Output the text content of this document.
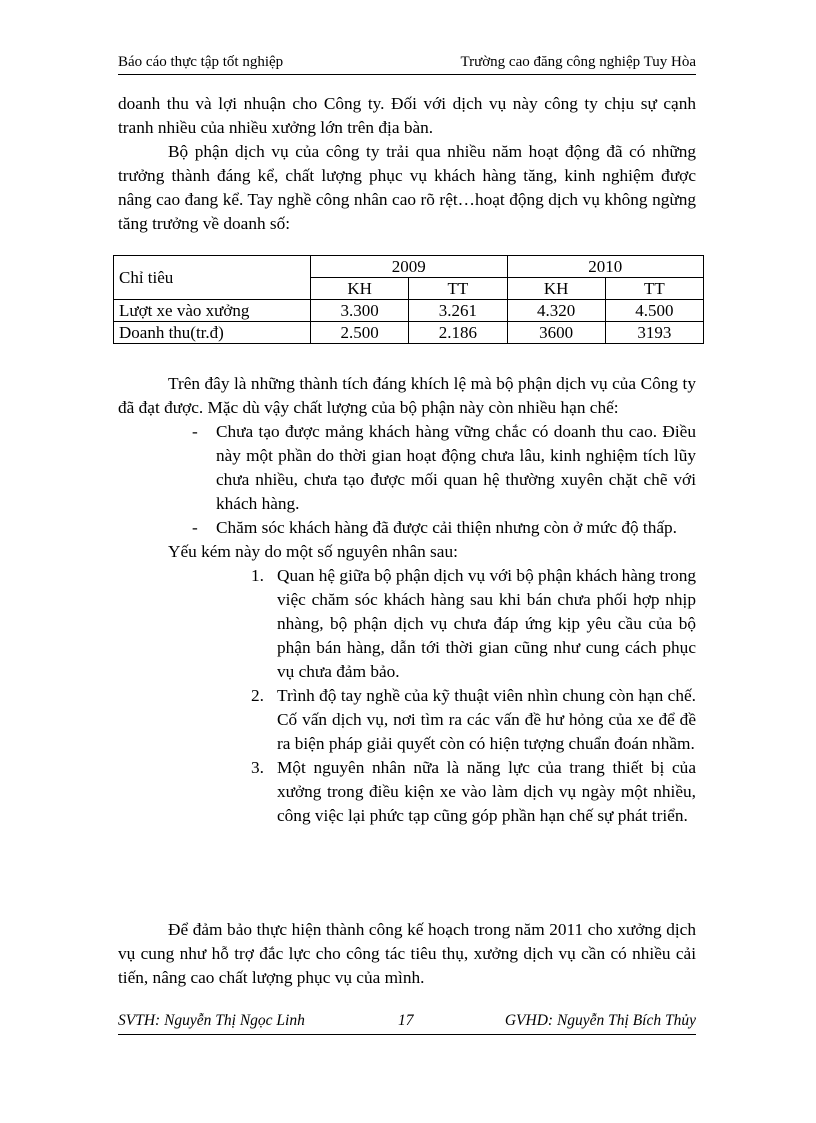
Báo cáo thực tập tốt nghiệp	Trường cao đăng công nghiệp Tuy Hòa

doanh thu và lợi nhuận cho Công ty. Đối với dịch vụ này công ty chịu sự cạnh tranh nhiều của nhiều xưởng lớn trên địa bàn.

Bộ phận dịch vụ của công ty trải qua nhiều năm hoạt động đã có những trưởng thành đáng kể, chất lượng phục vụ khách hàng tăng, kinh nghiệm được nâng cao đang kể. Tay nghề công nhân cao rõ rệt…hoạt động dịch vụ không ngừng tăng trưởng về doanh số:

Chỉ tiêu	2009		2010	
	KH	TT	KH	TT
Lượt xe vào xưởng	3.300	3.261	4.320	4.500
Doanh thu(tr.đ)	2.500	2.186	3600	3193

Trên đây là những thành tích đáng khích lệ mà bộ phận dịch vụ của Công ty đã đạt được. Mặc dù vậy chất lượng của bộ phận này còn nhiều hạn chế:

- Chưa tạo được mảng khách hàng vững chắc có doanh thu cao. Điều này một phần do thời gian hoạt động chưa lâu, kinh nghiệm tích lũy chưa nhiều, chưa tạo được mối quan hệ thường xuyên chặt chẽ với khách hàng.
- Chăm sóc khách hàng đã được cải thiện nhưng còn ở mức độ thấp.

Yếu kém này do một số nguyên nhân sau:

1. Quan hệ giữa bộ phận dịch vụ với bộ phận khách hàng trong việc chăm sóc khách hàng sau khi bán chưa phối hợp nhịp nhàng, bộ phận dịch vụ chưa đáp ứng kịp yêu cầu của bộ phận bán hàng, dẫn tới thời gian cũng như cung cách phục vụ chưa đảm bảo.
2. Trình độ tay nghề của kỹ thuật viên nhìn chung còn hạn chế. Cố vấn dịch vụ, nơi tìm ra các vấn đề hư hỏng của xe để đề ra biện pháp giải quyết còn có hiện tượng chuẩn đoán nhầm.
3. Một nguyên nhân nữa là năng lực của trang thiết bị của xưởng trong điều kiện xe vào làm dịch vụ ngày một nhiều, công việc lại phức tạp cũng góp phần hạn chế sự phát triển.

Để đảm bảo thực hiện thành công kế hoạch trong năm 2011 cho xưởng dịch vụ cung như hỗ trợ đắc lực cho công tác tiêu thụ, xưởng dịch vụ cần có nhiều cải tiến, nâng cao chất lượng phục vụ của mình.

SVTH: Nguyễn Thị Ngọc Linh	17	GVHD: Nguyễn Thị Bích Thủy
